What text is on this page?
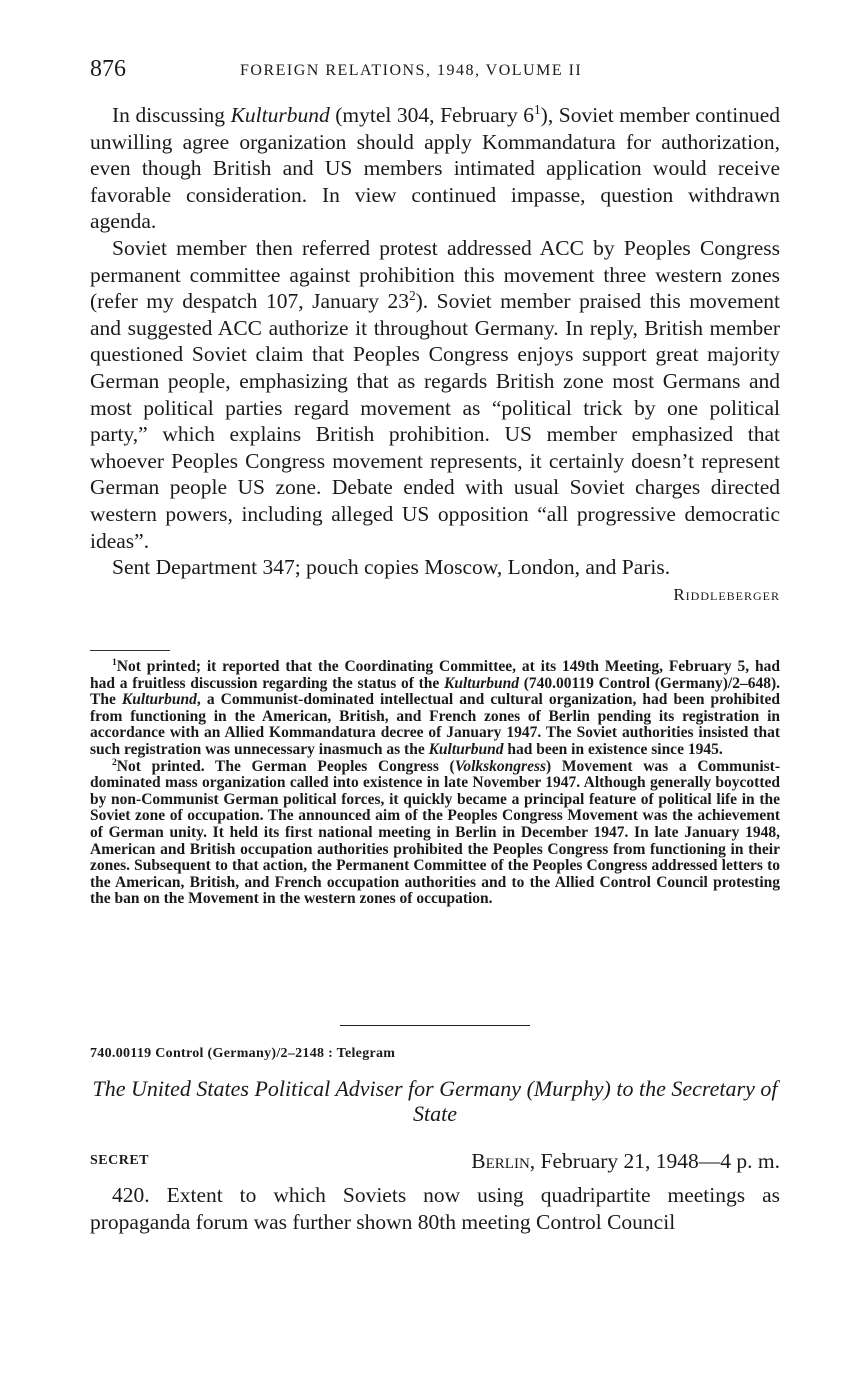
876	FOREIGN RELATIONS, 1948, VOLUME II

In discussing Kulturbund (mytel 304, February $6^1$), Soviet member continued unwilling agree organization should apply Kommandatura for authorization, even though British and US members intimated application would receive favorable consideration. In view continued impasse, question withdrawn agenda.

Soviet member then referred protest addressed ACC by Peoples Congress permanent committee against prohibition this movement three western zones (refer my despatch 107, January $23^2$). Soviet member praised this movement and suggested ACC authorize it throughout Germany. In reply, British member questioned Soviet claim that Peoples Congress enjoys support great majority German people, emphasizing that as regards British zone most Germans and most political parties regard movement as “political trick by one political party,” which explains British prohibition. US member emphasized that whoever Peoples Congress movement represents, it certainly doesn’t represent German people US zone. Debate ended with usual Soviet charges directed western powers, including alleged US opposition “all progressive democratic ideas”.

Sent Department 347; pouch copies Moscow, London, and Paris.

Riddleberger

$^1$Not printed; it reported that the Coordinating Committee, at its 149th Meeting, February 5, had had a fruitless discussion regarding the status of the Kulturbund (740.00119 Control (Germany)/2–648). The Kulturbund, a Communist-dominated intellectual and cultural organization, had been prohibited from functioning in the American, British, and French zones of Berlin pending its registration in accordance with an Allied Kommandatura decree of January 1947. The Soviet authorities insisted that such registration was unnecessary inasmuch as the Kulturbund had been in existence since 1945.

$^2$Not printed. The German Peoples Congress (Volkskongress) Movement was a Communist-dominated mass organization called into existence in late November 1947. Although generally boycotted by non-Communist German political forces, it quickly became a principal feature of political life in the Soviet zone of occupation. The announced aim of the Peoples Congress Movement was the achievement of German unity. It held its first national meeting in Berlin in December 1947. In late January 1948, American and British occupation authorities prohibited the Peoples Congress from functioning in their zones. Subsequent to that action, the Permanent Committee of the Peoples Congress addressed letters to the American, British, and French occupation authorities and to the Allied Control Council protesting the ban on the Movement in the western zones of occupation.

740.00119 Control (Germany)/2–2148 : Telegram
The United States Political Adviser for Germany (Murphy) to the Secretary of State
SECRET	Berlin, February 21, 1948—4 p. m.

420. Extent to which Soviets now using quadripartite meetings as propaganda forum was further shown 80th meeting Control Council
